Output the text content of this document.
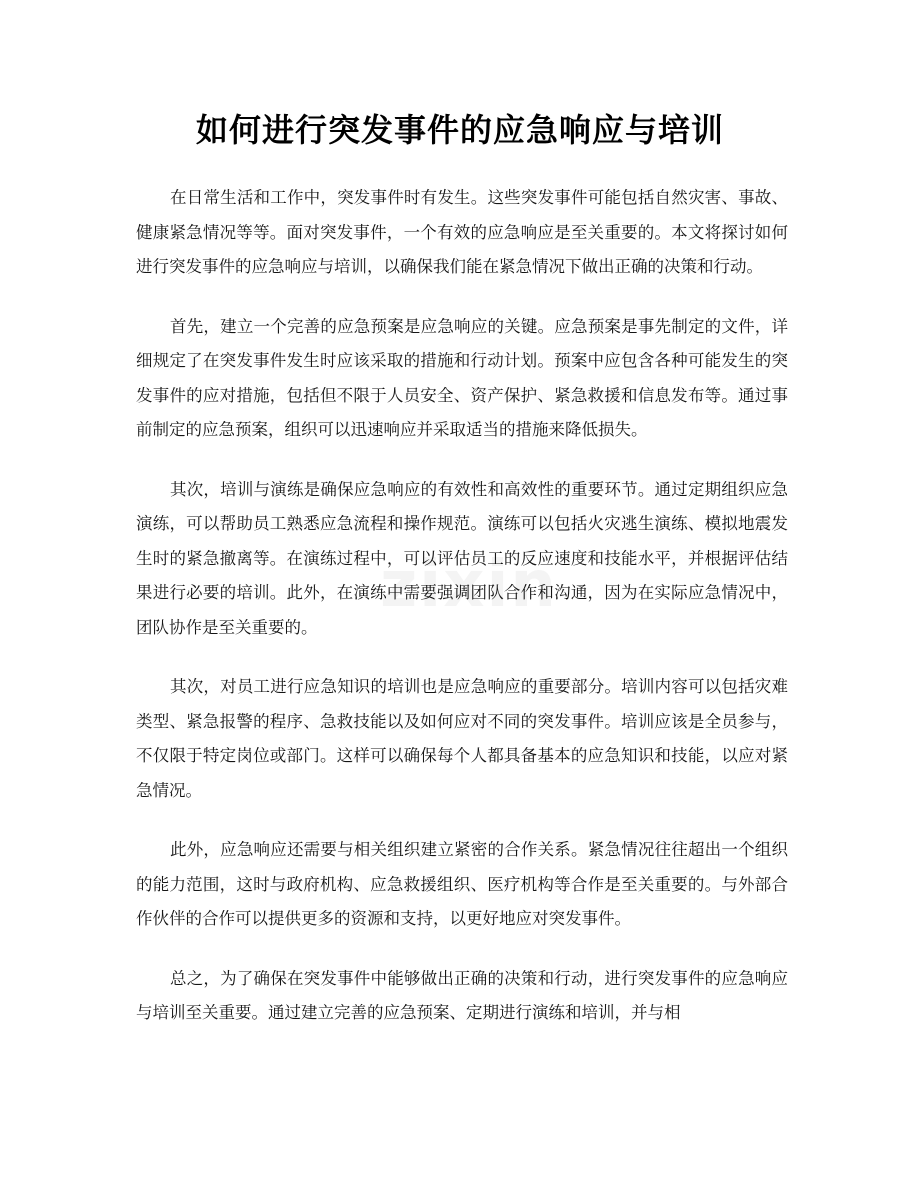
如何进行突发事件的应急响应与培训
zixin

在日常生活和工作中，突发事件时有发生。这些突发事件可能包括自然灾害、事故、健康紧急情况等等。面对突发事件，一个有效的应急响应是至关重要的。本文将探讨如何进行突发事件的应急响应与培训，以确保我们能在紧急情况下做出正确的决策和行动。

首先，建立一个完善的应急预案是应急响应的关键。应急预案是事先制定的文件，详细规定了在突发事件发生时应该采取的措施和行动计划。预案中应包含各种可能发生的突发事件的应对措施，包括但不限于人员安全、资产保护、紧急救援和信息发布等。通过事前制定的应急预案，组织可以迅速响应并采取适当的措施来降低损失。

其次，培训与演练是确保应急响应的有效性和高效性的重要环节。通过定期组织应急演练，可以帮助员工熟悉应急流程和操作规范。演练可以包括火灾逃生演练、模拟地震发生时的紧急撤离等。在演练过程中，可以评估员工的反应速度和技能水平，并根据评估结果进行必要的培训。此外，在演练中需要强调团队合作和沟通，因为在实际应急情况中，团队协作是至关重要的。

其次，对员工进行应急知识的培训也是应急响应的重要部分。培训内容可以包括灾难类型、紧急报警的程序、急救技能以及如何应对不同的突发事件。培训应该是全员参与，不仅限于特定岗位或部门。这样可以确保每个人都具备基本的应急知识和技能，以应对紧急情况。

此外，应急响应还需要与相关组织建立紧密的合作关系。紧急情况往往超出一个组织的能力范围，这时与政府机构、应急救援组织、医疗机构等合作是至关重要的。与外部合作伙伴的合作可以提供更多的资源和支持，以更好地应对突发事件。

总之，为了确保在突发事件中能够做出正确的决策和行动，进行突发事件的应急响应与培训至关重要。通过建立完善的应急预案、定期进行演练和培训，并与相
